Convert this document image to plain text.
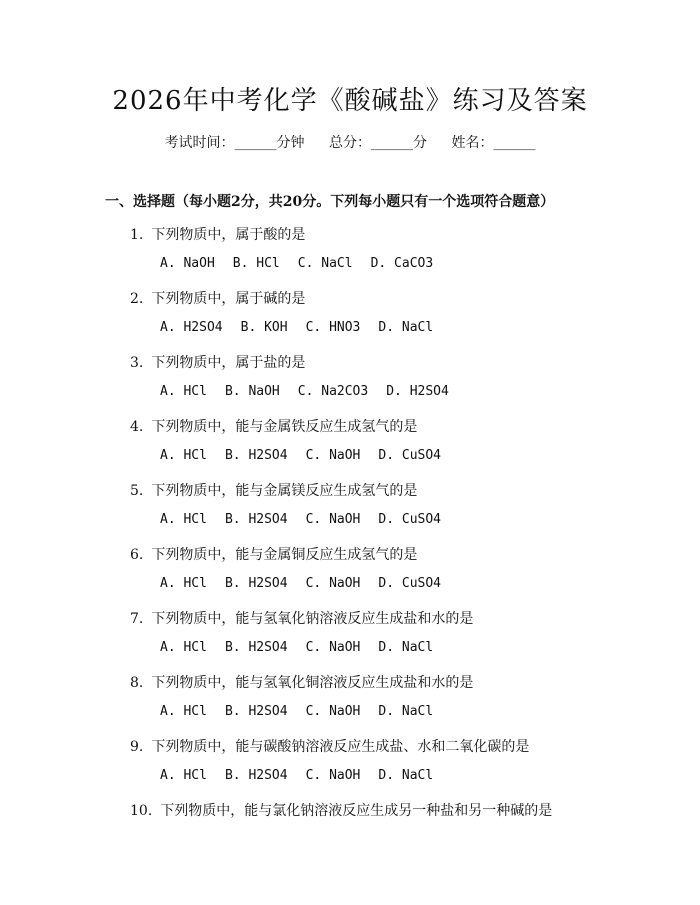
2026年中考化学《酸碱盐》练习及答案
考试时间：______分钟 总分：______分 姓名：______
一、选择题（每小题2分，共20分。下列每小题只有一个选项符合题意）
1. 下列物质中，属于酸的是
A. NaOH B. HCl C. NaCl D. CaCO3
2. 下列物质中，属于碱的是
A. H2SO4 B. KOH C. HNO3 D. NaCl
3. 下列物质中，属于盐的是
A. HCl B. NaOH C. Na2CO3 D. H2SO4
4. 下列物质中，能与金属铁反应生成氢气的是
A. HCl B. H2SO4 C. NaOH D. CuSO4
5. 下列物质中，能与金属镁反应生成氢气的是
A. HCl B. H2SO4 C. NaOH D. CuSO4
6. 下列物质中，能与金属铜反应生成氢气的是
A. HCl B. H2SO4 C. NaOH D. CuSO4
7. 下列物质中，能与氢氧化钠溶液反应生成盐和水的是
A. HCl B. H2SO4 C. NaOH D. NaCl
8. 下列物质中，能与氢氧化铜溶液反应生成盐和水的是
A. HCl B. H2SO4 C. NaOH D. NaCl
9. 下列物质中，能与碳酸钠溶液反应生成盐、水和二氧化碳的是
A. HCl B. H2SO4 C. NaOH D. NaCl
10. 下列物质中，能与氯化钠溶液反应生成另一种盐和另一种碱的是
